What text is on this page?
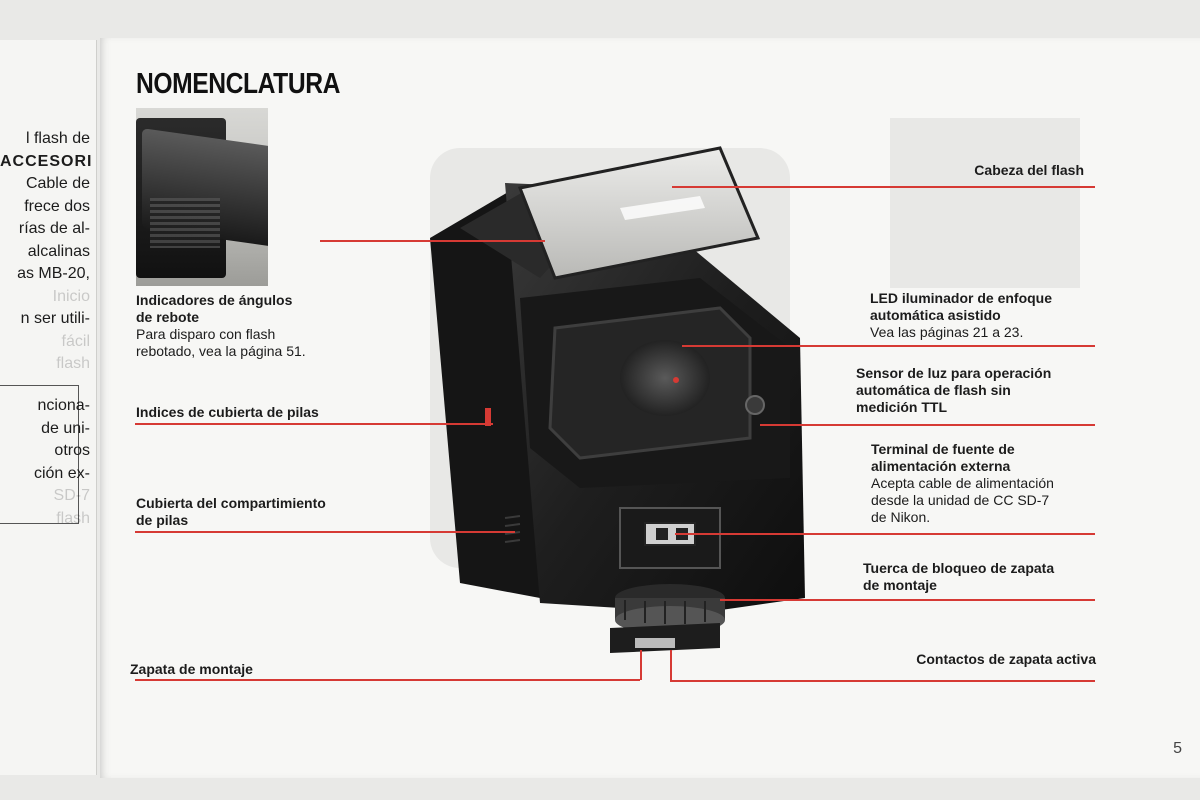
l flash de
ACCESORI
Cable de
frece dos
rías de al-
alcalinas
as MB-20,
Inicio
n ser utili-
fácil
flash
nciona-
de uni-
otros
ción ex-
SD-7
flash
NOMENCLATURA
Indicadores de ángulos
de rebote
Para disparo con flash
rebotado, vea la página 51.
Indices de cubierta de pilas
Cubierta del compartimiento
de pilas
Zapata de montaje
Cabeza del flash
LED iluminador de enfoque
automática asistido
Vea las páginas 21 a 23.
Sensor de luz para operación
automática de flash sin
medición TTL
Terminal de fuente de
alimentación externa
Acepta cable de alimentación
desde la unidad de CC SD-7
de Nikon.
Tuerca de bloqueo de zapata
de montaje
Contactos de zapata activa
5
